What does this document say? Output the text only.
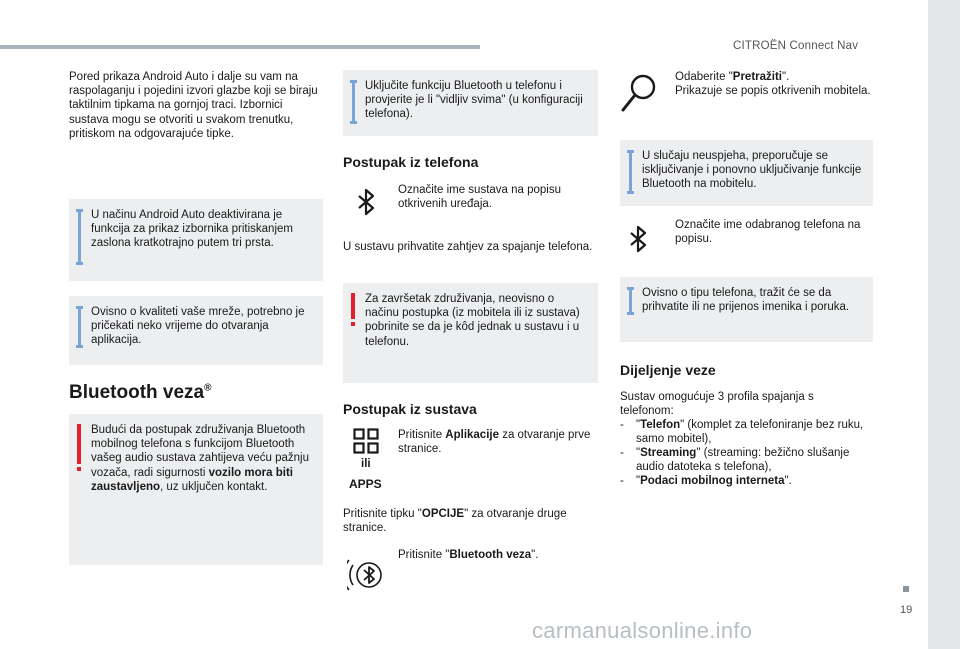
CITROËN Connect Nav
19
carmanualsonline.info
Pored prikaza Android Auto i dalje su vam na raspolaganju i pojedini izvori glazbe koji se biraju taktilnim tipkama na gornjoj traci. Izbornici sustava mogu se otvoriti u svakom trenutku, pritiskom na odgovarajuće tipke.
U načinu Android Auto deaktivirana je funkcija za prikaz izbornika pritiskanjem zaslona kratkotrajno putem tri prsta.
Ovisno o kvaliteti vaše mreže, potrebno je pričekati neko vrijeme do otvaranja aplikacija.
Bluetooth veza®
Budući da postupak združivanja Bluetooth mobilnog telefona s funkcijom Bluetooth vašeg audio sustava zahtijeva veću pažnju vozača, radi sigurnosti vozilo mora biti zaustavljeno, uz uključen kontakt.
Uključite funkciju Bluetooth u telefonu i provjerite je li "vidljiv svima" (u konfiguraciji telefona).
Postupak iz telefona
Označite ime sustava na popisu otkrivenih uređaja.
U sustavu prihvatite zahtjev za spajanje telefona.
Za završetak združivanja, neovisno o načinu postupka (iz mobitela ili iz sustava) pobrinite se da je kôd jednak u sustavu i u telefonu.
Postupak iz sustava
ili
APPS
Pritisnite Aplikacije za otvaranje prve stranice.
Pritisnite tipku "OPCIJE" za otvaranje druge stranice.
Pritisnite "Bluetooth veza".
Odaberite "Pretražiti".
Prikazuje se popis otkrivenih mobitela.
U slučaju neuspjeha, preporučuje se isključivanje i ponovno uključivanje funkcije Bluetooth na mobitelu.
Označite ime odabranog telefona na popisu.
Ovisno o tipu telefona, tražit će se da prihvatite ili ne prijenos imenika i poruka.
Dijeljenje veze
Sustav omogućuje 3 profila spajanja s telefonom:
-	"Telefon" (komplet za telefoniranje bez ruku, samo mobitel),
-	"Streaming" (streaming: bežično slušanje audio datoteka s telefona),
-	"Podaci mobilnog interneta".
